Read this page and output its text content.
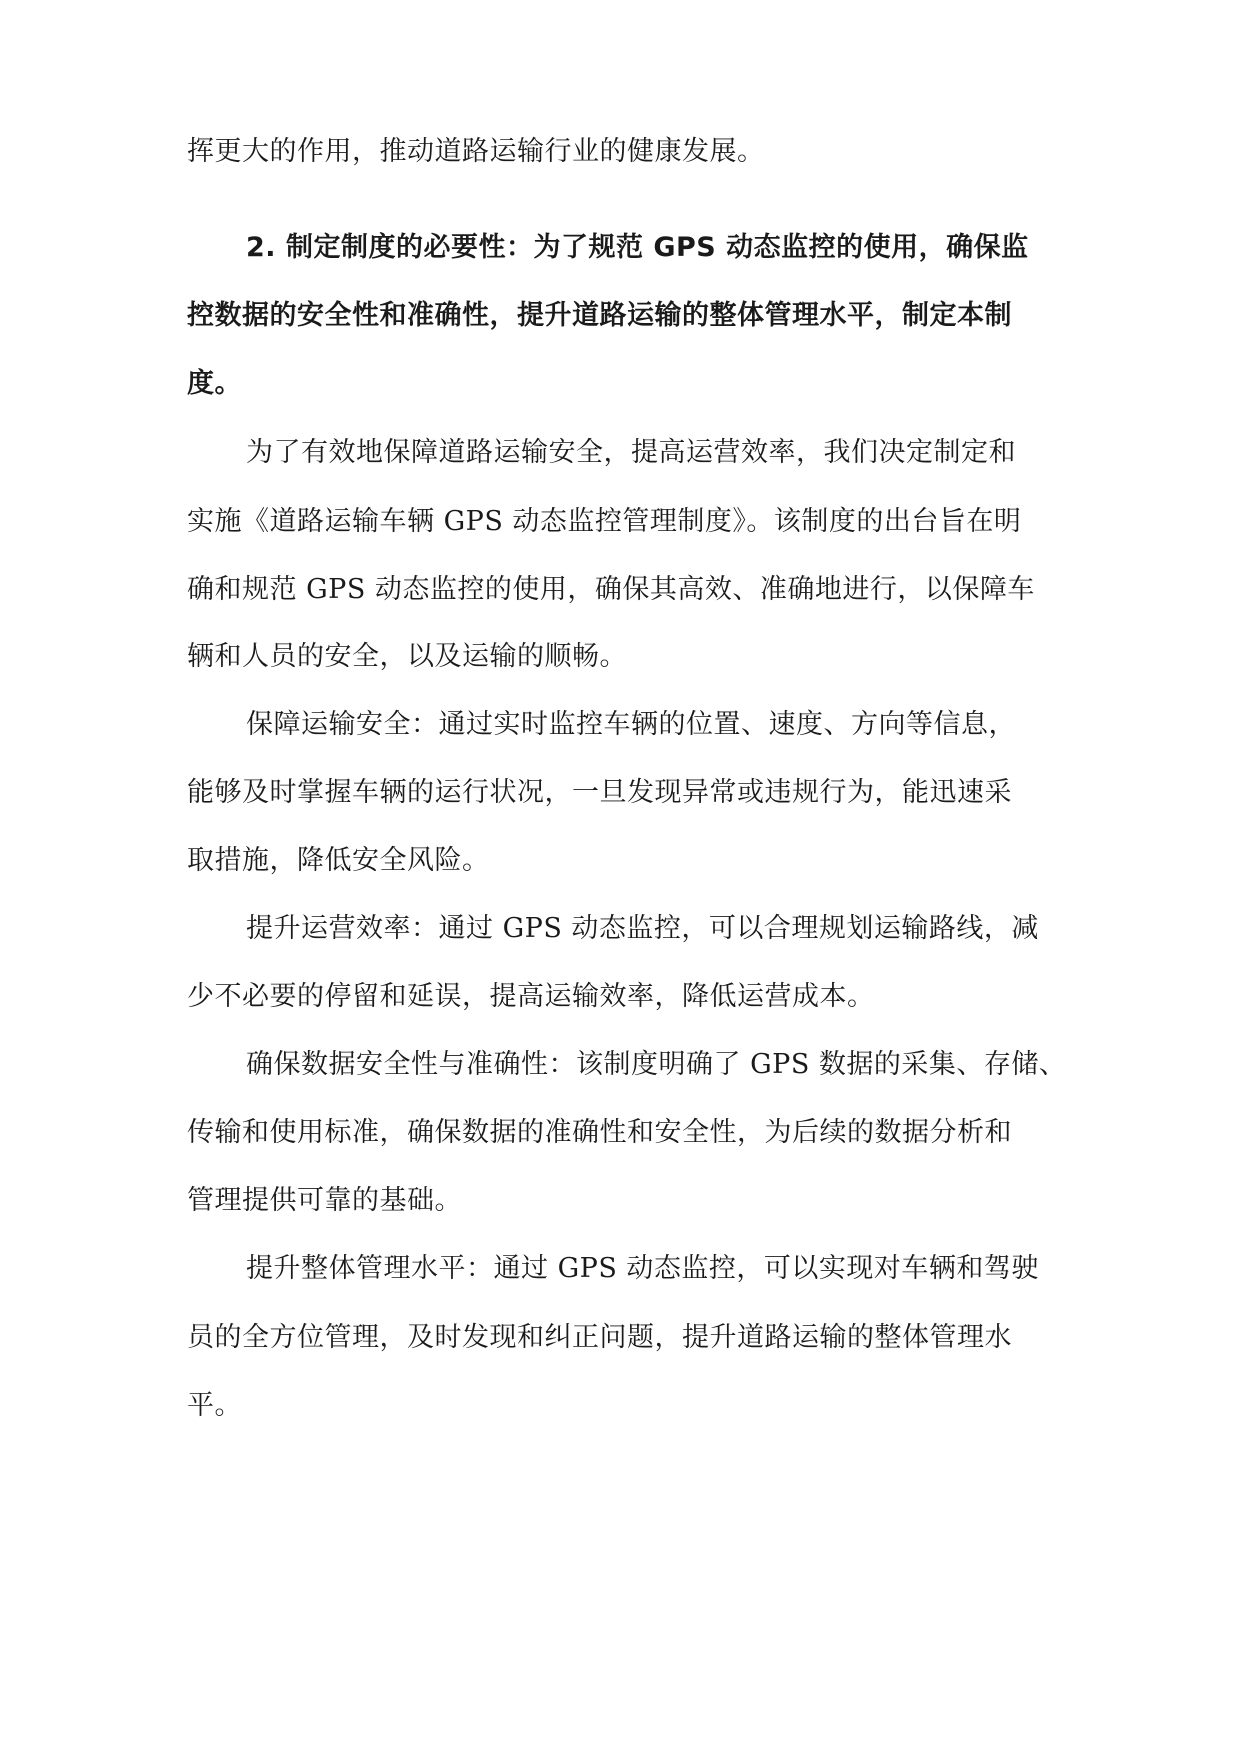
挥更大的作用，推动道路运输行业的健康发展。
2. 制定制度的必要性：为了规范 GPS 动态监控的使用，确保监
控数据的安全性和准确性，提升道路运输的整体管理水平，制定本制
度。
为了有效地保障道路运输安全，提高运营效率，我们决定制定和
实施《道路运输车辆 GPS 动态监控管理制度》。该制度的出台旨在明
确和规范 GPS 动态监控的使用，确保其高效、准确地进行，以保障车
辆和人员的安全，以及运输的顺畅。
保障运输安全：通过实时监控车辆的位置、速度、方向等信息，
能够及时掌握车辆的运行状况，一旦发现异常或违规行为，能迅速采
取措施，降低安全风险。
提升运营效率：通过 GPS 动态监控，可以合理规划运输路线，减
少不必要的停留和延误，提高运输效率，降低运营成本。
确保数据安全性与准确性：该制度明确了 GPS 数据的采集、存储、
传输和使用标准，确保数据的准确性和安全性，为后续的数据分析和
管理提供可靠的基础。
提升整体管理水平：通过 GPS 动态监控，可以实现对车辆和驾驶
员的全方位管理，及时发现和纠正问题，提升道路运输的整体管理水
平。
